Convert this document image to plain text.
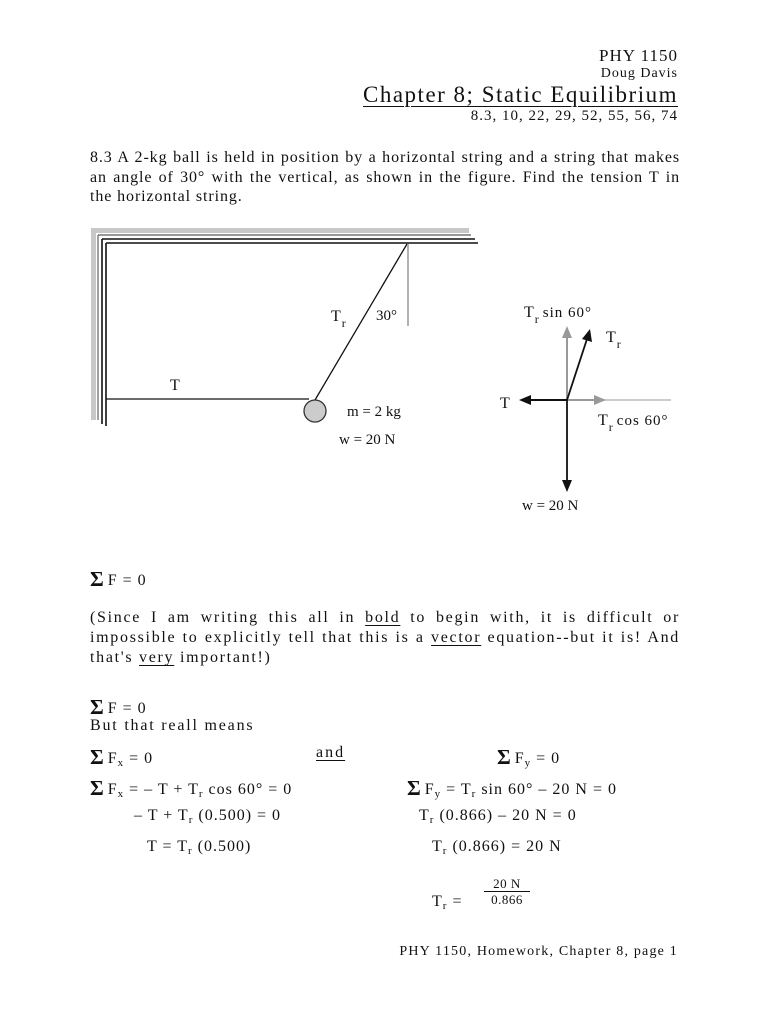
PHY 1150
Doug Davis
Chapter 8; Static Equilibrium
8.3, 10, 22, 29, 52, 55, 56, 74
8.3 A 2-kg ball is held in position by a horizontal string and a string that makes an angle of 30° with the vertical, as shown in the figure. Find the tension T in the horizontal string.
T
$T_r$ 30°
m = 2 kg
w = 20 N
$T_r$ sin 60°
$T_r$
T
$T_r$ cos 60°
w = 20 N
Σ F = 0
(Since I am writing this all in bold to begin with, it is difficult or impossible to explicitly tell that this is a vector equation--but it is! And that's very important!)
Σ F = 0
But that reall means
Σ $F_x = 0$	and	Σ $F_y = 0$
Σ $F_x$ = – $T + T_r$ cos 60° = 0	Σ $F_y = T_r$ sin 60° – 20 N = 0
– $T + T_r$ (0.500) = 0	$T_r$ (0.866) – 20 N = 0
$T = T_r$ (0.500)	$T_r$ (0.866) = 20 N
$T_r = \frac{20 N}{0.866}$
PHY 1150, Homework, Chapter 8, page 1
